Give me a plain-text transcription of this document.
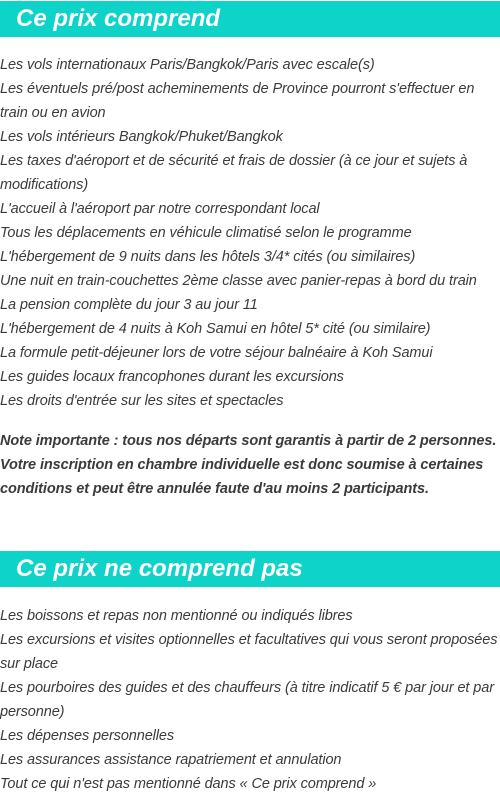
Ce prix comprend
Les vols internationaux Paris/Bangkok/Paris avec escale(s)
Les éventuels pré/post acheminements de Province pourront s'effectuer en train ou en avion
Les vols intérieurs Bangkok/Phuket/Bangkok
Les taxes d'aéroport et de sécurité et frais de dossier (à ce jour et sujets à modifications)
L'accueil à l'aéroport par notre correspondant local
Tous les déplacements en véhicule climatisé selon le programme
L'hébergement de 9 nuits dans les hôtels 3/4* cités (ou similaires)
Une nuit en train-couchettes 2ème classe avec panier-repas à bord du train
La pension complète du jour 3 au jour 11
L'hébergement de 4 nuits à Koh Samui en hôtel 5* cité (ou similaire)
La formule petit-déjeuner lors de votre séjour balnéaire à Koh Samui
Les guides locaux francophones durant les excursions
Les droits d'entrée sur les sites et spectacles
Note importante : tous nos départs sont garantis à partir de 2 personnes.
Votre inscription en chambre individuelle est donc soumise à certaines
conditions et peut être annulée faute d'au moins 2 participants.
Ce prix ne comprend pas
Les boissons et repas non mentionné ou indiqués libres
Les excursions et visites optionnelles et facultatives qui vous seront proposées sur place
Les pourboires des guides et des chauffeurs (à titre indicatif 5 € par jour et par personne)
Les dépenses personnelles
Les assurances assistance rapatriement et annulation
Tout ce qui n'est pas mentionné dans « Ce prix comprend »
